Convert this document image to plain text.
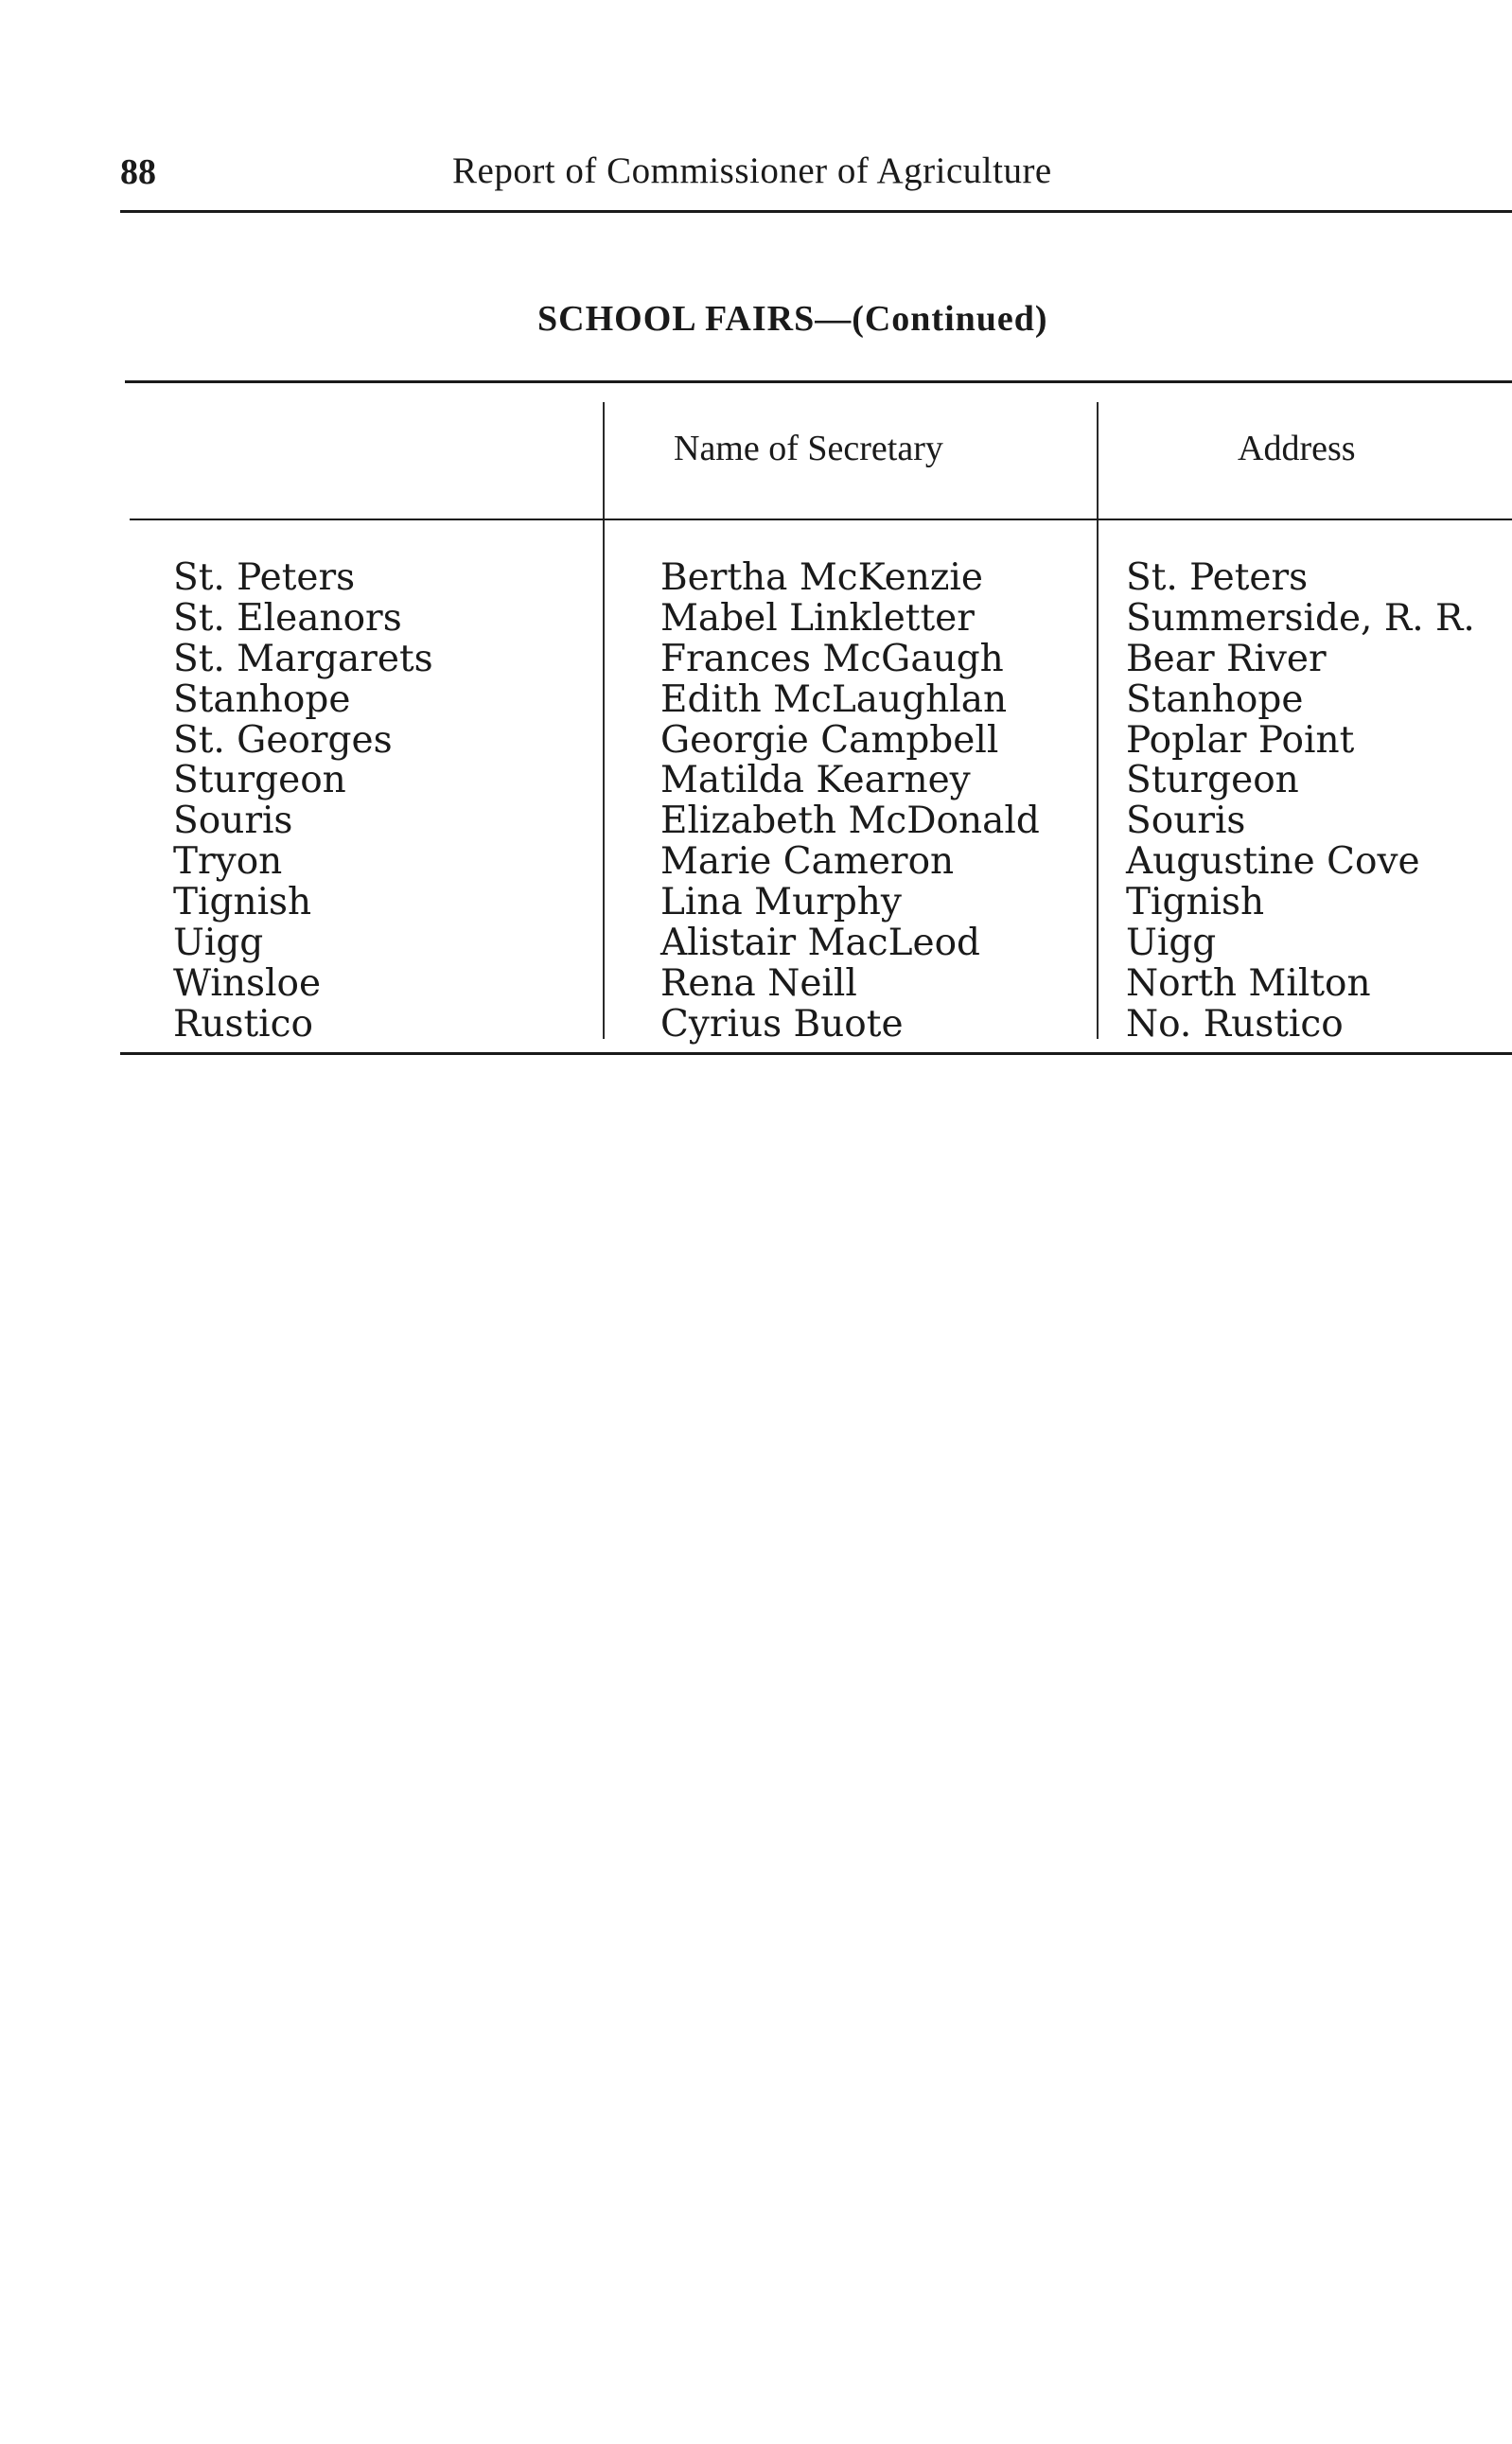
88	Report of Commissioner of Agriculture
SCHOOL FAIRS—(Continued)
Name of Secretary	Address
St. Peters
St. Eleanors
St. Margarets
Stanhope
St. Georges
Sturgeon
Souris
Tryon
Tignish
Uigg
Winsloe
Rustico
Bertha McKenzie
Mabel Linkletter
Frances McGaugh
Edith McLaughlan
Georgie Campbell
Matilda Kearney
Elizabeth McDonald
Marie Cameron
Lina Murphy
Alistair MacLeod
Rena Neill
Cyrius Buote
St. Peters
Summerside, R. R.
Bear River
Stanhope
Poplar Point
Sturgeon
Souris
Augustine Cove
Tignish
Uigg
North Milton
No. Rustico
